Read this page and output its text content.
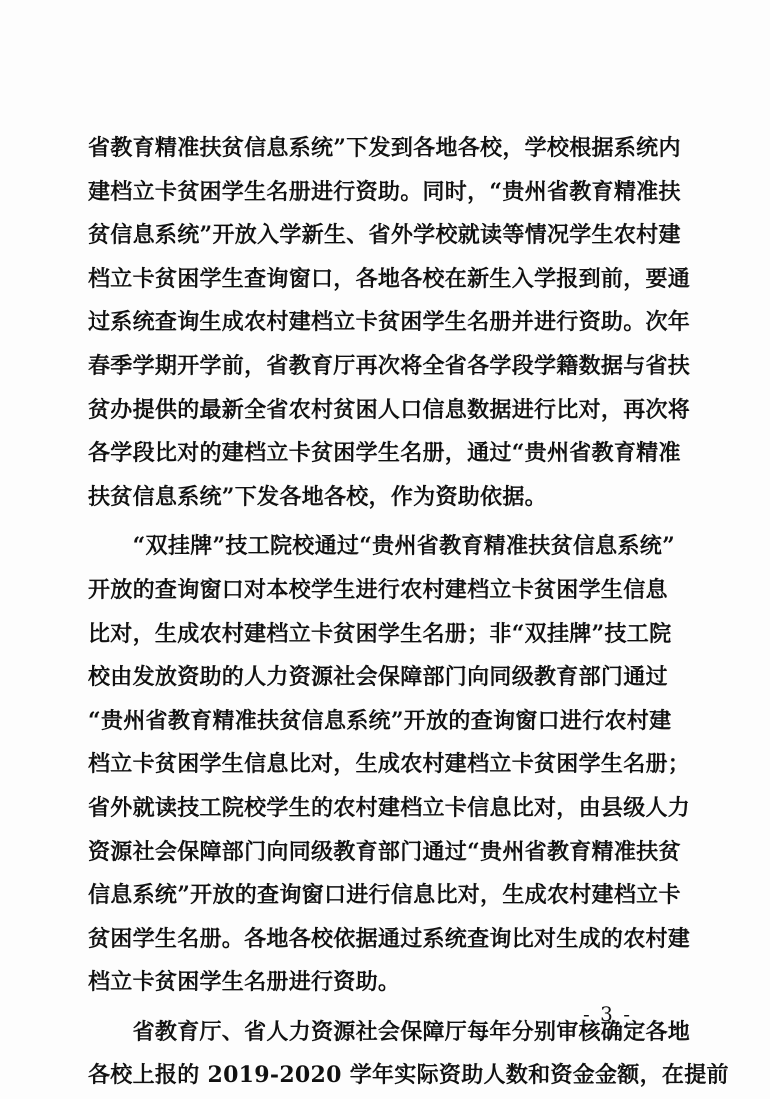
省教育精准扶贫信息系统”下发到各地各校，学校根据系统内
建档立卡贫困学生名册进行资助。同时，“贵州省教育精准扶
贫信息系统”开放入学新生、省外学校就读等情况学生农村建
档立卡贫困学生查询窗口，各地各校在新生入学报到前，要通
过系统查询生成农村建档立卡贫困学生名册并进行资助。次年
春季学期开学前，省教育厅再次将全省各学段学籍数据与省扶
贫办提供的最新全省农村贫困人口信息数据进行比对，再次将
各学段比对的建档立卡贫困学生名册，通过“贵州省教育精准
扶贫信息系统”下发各地各校，作为资助依据。
　　“双挂牌”技工院校通过“贵州省教育精准扶贫信息系统”
开放的查询窗口对本校学生进行农村建档立卡贫困学生信息
比对，生成农村建档立卡贫困学生名册；非“双挂牌”技工院
校由发放资助的人力资源社会保障部门向同级教育部门通过
“贵州省教育精准扶贫信息系统”开放的查询窗口进行农村建
档立卡贫困学生信息比对，生成农村建档立卡贫困学生名册；
省外就读技工院校学生的农村建档立卡信息比对，由县级人力
资源社会保障部门向同级教育部门通过“贵州省教育精准扶贫
信息系统”开放的查询窗口进行信息比对，生成农村建档立卡
贫困学生名册。各地各校依据通过系统查询比对生成的农村建
档立卡贫困学生名册进行资助。
　　省教育厅、省人力资源社会保障厅每年分别审核确定各地
各校上报的 2019-2020 学年实际资助人数和资金金额，在提前
- 3 -
